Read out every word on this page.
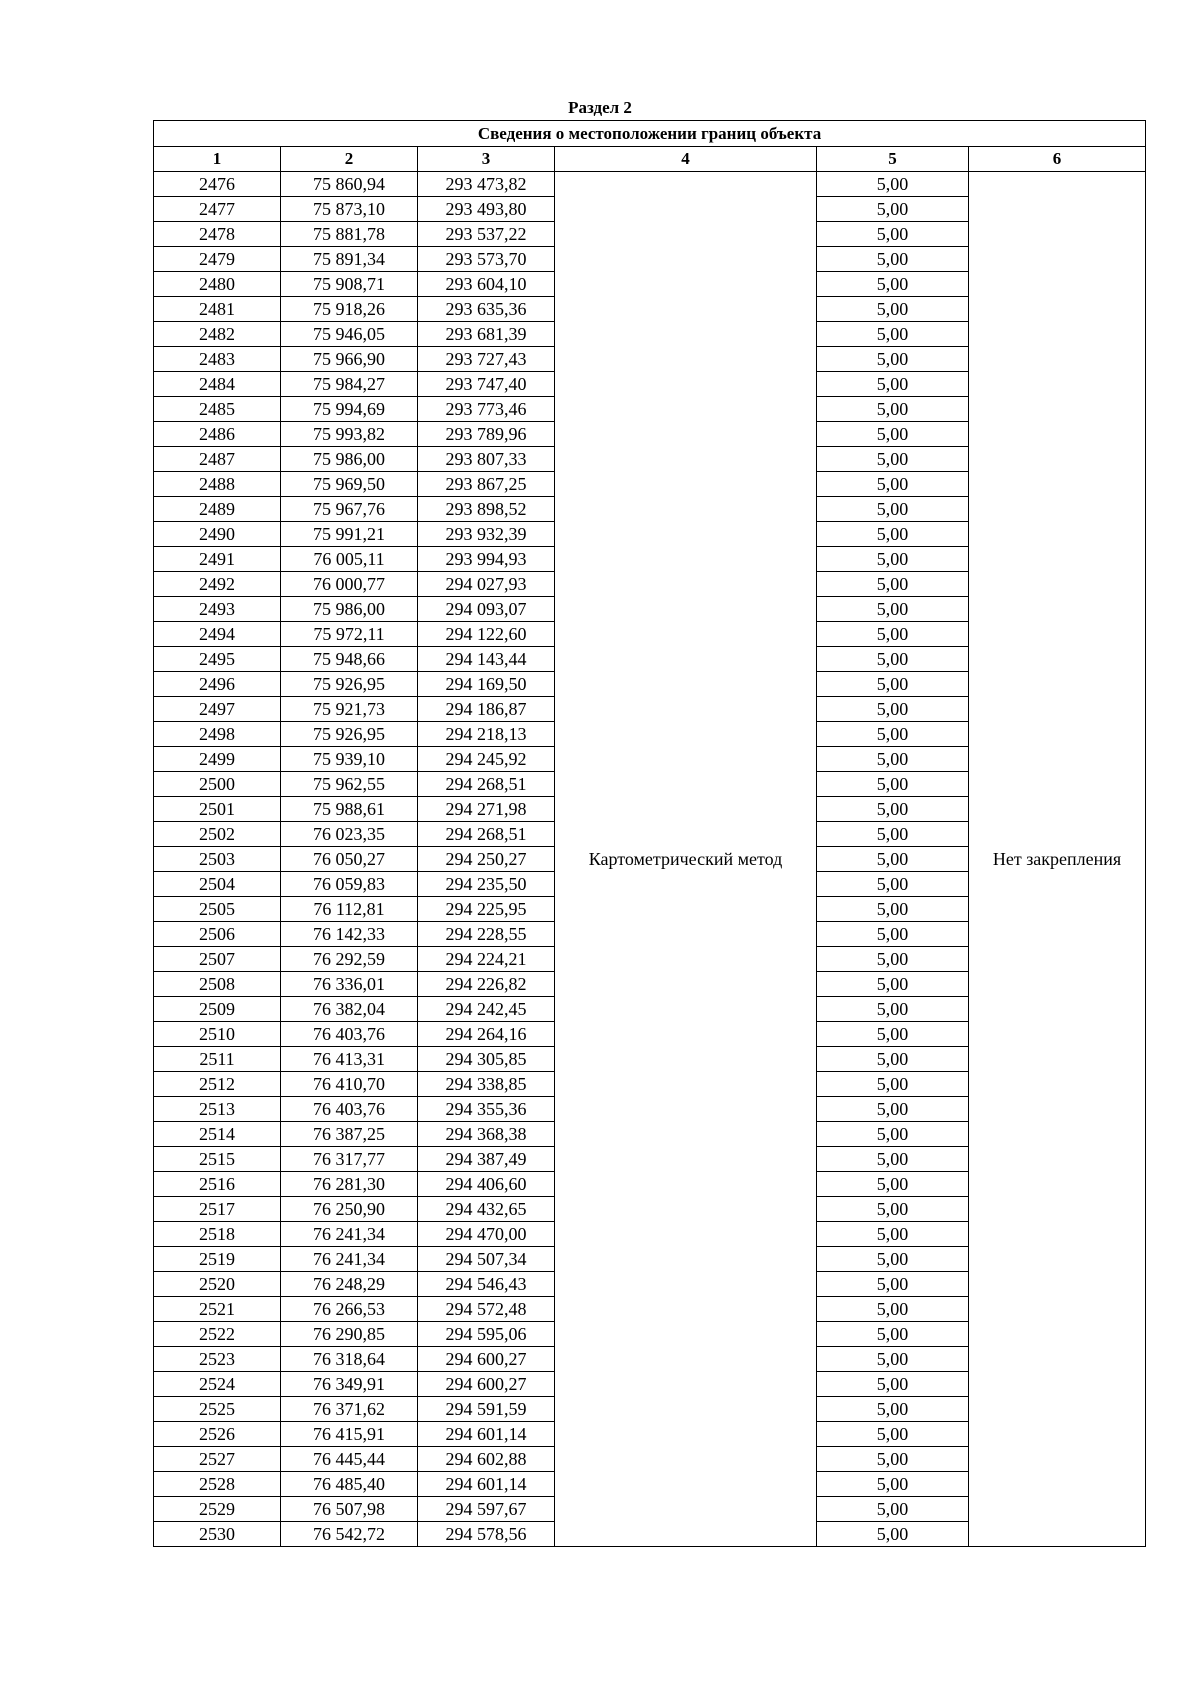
Раздел 2
Сведения о местоположении границ объекта					
1	2	3	4	5	6
2476	75 860,94	293 473,82	Картометрический метод	5,00	Нет закрепления
2477	75 873,10	293 493,80		5,00	
2478	75 881,78	293 537,22		5,00	
2479	75 891,34	293 573,70		5,00	
2480	75 908,71	293 604,10		5,00	
2481	75 918,26	293 635,36		5,00	
2482	75 946,05	293 681,39		5,00	
2483	75 966,90	293 727,43		5,00	
2484	75 984,27	293 747,40		5,00	
2485	75 994,69	293 773,46		5,00	
2486	75 993,82	293 789,96		5,00	
2487	75 986,00	293 807,33		5,00	
2488	75 969,50	293 867,25		5,00	
2489	75 967,76	293 898,52		5,00	
2490	75 991,21	293 932,39		5,00	
2491	76 005,11	293 994,93		5,00	
2492	76 000,77	294 027,93		5,00	
2493	75 986,00	294 093,07		5,00	
2494	75 972,11	294 122,60		5,00	
2495	75 948,66	294 143,44		5,00	
2496	75 926,95	294 169,50		5,00	
2497	75 921,73	294 186,87		5,00	
2498	75 926,95	294 218,13		5,00	
2499	75 939,10	294 245,92		5,00	
2500	75 962,55	294 268,51		5,00	
2501	75 988,61	294 271,98		5,00	
2502	76 023,35	294 268,51		5,00	
2503	76 050,27	294 250,27		5,00	
2504	76 059,83	294 235,50		5,00	
2505	76 112,81	294 225,95		5,00	
2506	76 142,33	294 228,55		5,00	
2507	76 292,59	294 224,21		5,00	
2508	76 336,01	294 226,82		5,00	
2509	76 382,04	294 242,45		5,00	
2510	76 403,76	294 264,16		5,00	
2511	76 413,31	294 305,85		5,00	
2512	76 410,70	294 338,85		5,00	
2513	76 403,76	294 355,36		5,00	
2514	76 387,25	294 368,38		5,00	
2515	76 317,77	294 387,49		5,00	
2516	76 281,30	294 406,60		5,00	
2517	76 250,90	294 432,65		5,00	
2518	76 241,34	294 470,00		5,00	
2519	76 241,34	294 507,34		5,00	
2520	76 248,29	294 546,43		5,00	
2521	76 266,53	294 572,48		5,00	
2522	76 290,85	294 595,06		5,00	
2523	76 318,64	294 600,27		5,00	
2524	76 349,91	294 600,27		5,00	
2525	76 371,62	294 591,59		5,00	
2526	76 415,91	294 601,14		5,00	
2527	76 445,44	294 602,88		5,00	
2528	76 485,40	294 601,14		5,00	
2529	76 507,98	294 597,67		5,00	
2530	76 542,72	294 578,56		5,00	
